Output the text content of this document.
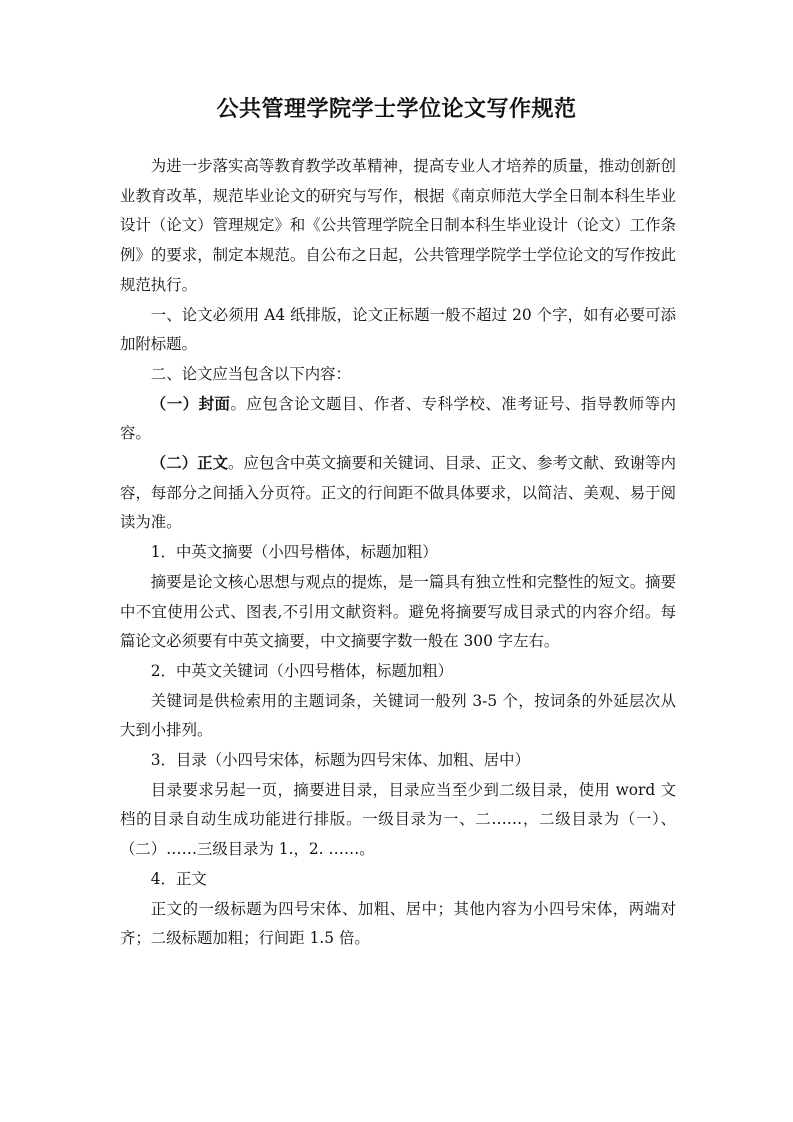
公共管理学院学士学位论文写作规范

为进一步落实高等教育教学改革精神，提高专业人才培养的质量，推动创新创业教育改革，规范毕业论文的研究与写作，根据《南京师范大学全日制本科生毕业设计（论文）管理规定》和《公共管理学院全日制本科生毕业设计（论文）工作条例》的要求，制定本规范。自公布之日起，公共管理学院学士学位论文的写作按此规范执行。

一、论文必须用 A4 纸排版，论文正标题一般不超过 20 个字，如有必要可添加附标题。

二、论文应当包含以下内容：

（一）封面。应包含论文题目、作者、专科学校、准考证号、指导教师等内容。

（二）正文。应包含中英文摘要和关键词、目录、正文、参考文献、致谢等内容，每部分之间插入分页符。正文的行间距不做具体要求，以简洁、美观、易于阅读为准。

1．中英文摘要（小四号楷体，标题加粗）

摘要是论文核心思想与观点的提炼，是一篇具有独立性和完整性的短文。摘要中不宜使用公式、图表,不引用文献资料。避免将摘要写成目录式的内容介绍。每篇论文必须要有中英文摘要，中文摘要字数一般在 300 字左右。

2．中英文关键词（小四号楷体，标题加粗）

关键词是供检索用的主题词条，关键词一般列 3-5 个，按词条的外延层次从大到小排列。

3．目录（小四号宋体，标题为四号宋体、加粗、居中）

目录要求另起一页，摘要进目录，目录应当至少到二级目录，使用 word 文档的目录自动生成功能进行排版。一级目录为一、二……，二级目录为（一）、（二）……三级目录为 1.，2. ……。

4．正文

正文的一级标题为四号宋体、加粗、居中；其他内容为小四号宋体，两端对齐；二级标题加粗；行间距 1.5 倍。
